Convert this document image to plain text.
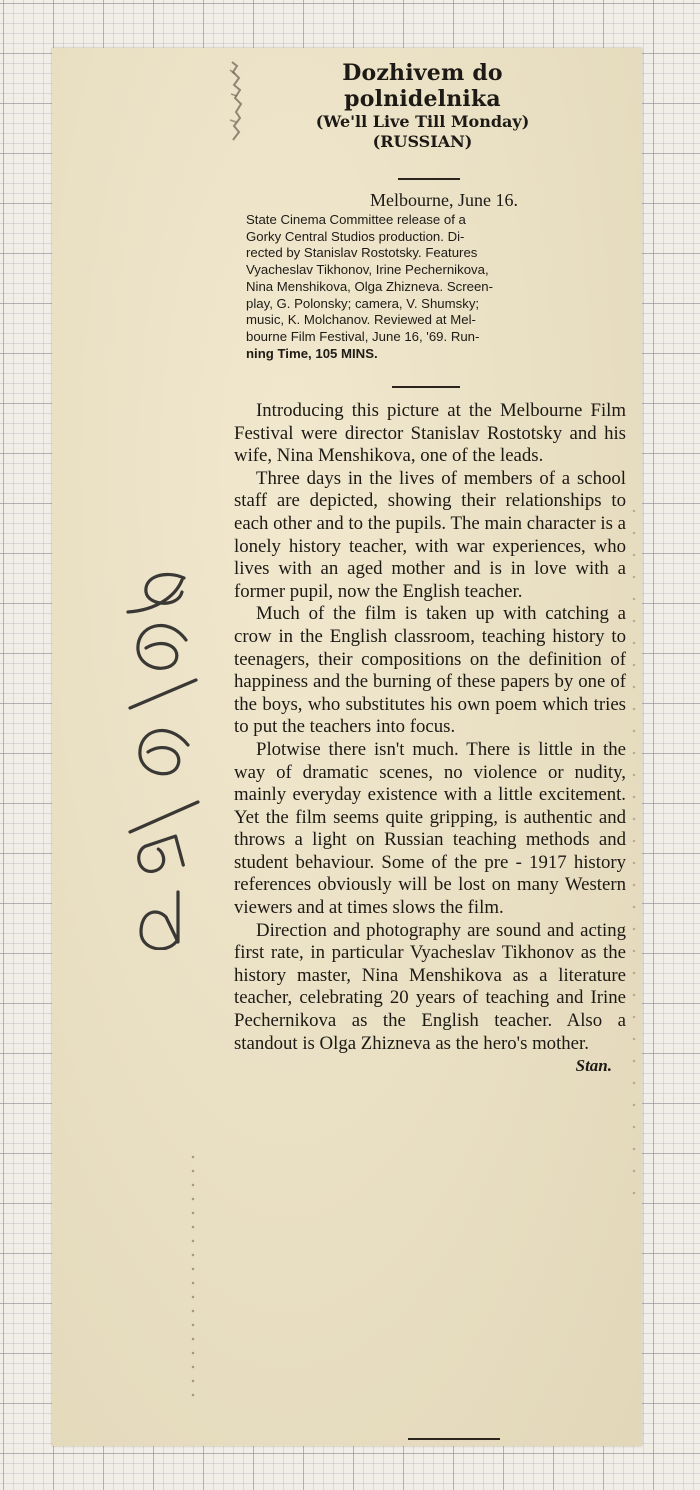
Dozhivem do
polnidelnika
(We'll Live Till Monday)
(RUSSIAN)
Melbourne, June 16.
State Cinema Committee release of a
Gorky Central Studios production. Di-
rected by Stanislav Rostotsky. Features
Vyacheslav Tikhonov, Irine Pechernikova,
Nina Menshikova, Olga Zhizneva. Screen-
play, G. Polonsky; camera, V. Shumsky;
music, K. Molchanov. Reviewed at Mel-
bourne Film Festival, June 16, '69. Run-
ning Time, 105 MINS.

Introducing this picture at the Melbourne Film Festival were director Stanislav Rostotsky and his wife, Nina Menshikova, one of the leads.

Three days in the lives of members of a school staff are depicted, showing their relationships to each other and to the pupils. The main character is a lonely history teacher, with war experiences, who lives with an aged mother and is in love with a former pupil, now the English teacher.

Much of the film is taken up with catching a crow in the English classroom, teaching history to teenagers, their compositions on the definition of happiness and the burning of these papers by one of the boys, who substitutes his own poem which tries to put the teachers into focus.

Plotwise there isn't much. There is little in the way of dramatic scenes, no violence or nudity, mainly everyday existence with a little excitement. Yet the film seems quite gripping, is authentic and throws a light on Russian teaching methods and student behaviour. Some of the pre - 1917 history references obviously will be lost on many Western viewers and at times slows the film.

Direction and photography are sound and acting first rate, in particular Vyacheslav Tikhonov as the history master, Nina Menshikova as a literature teacher, celebrating 20 years of teaching and Irine Pechernikova as the English teacher. Also a standout is Olga Zhizneva as the hero's mother.

Stan.
